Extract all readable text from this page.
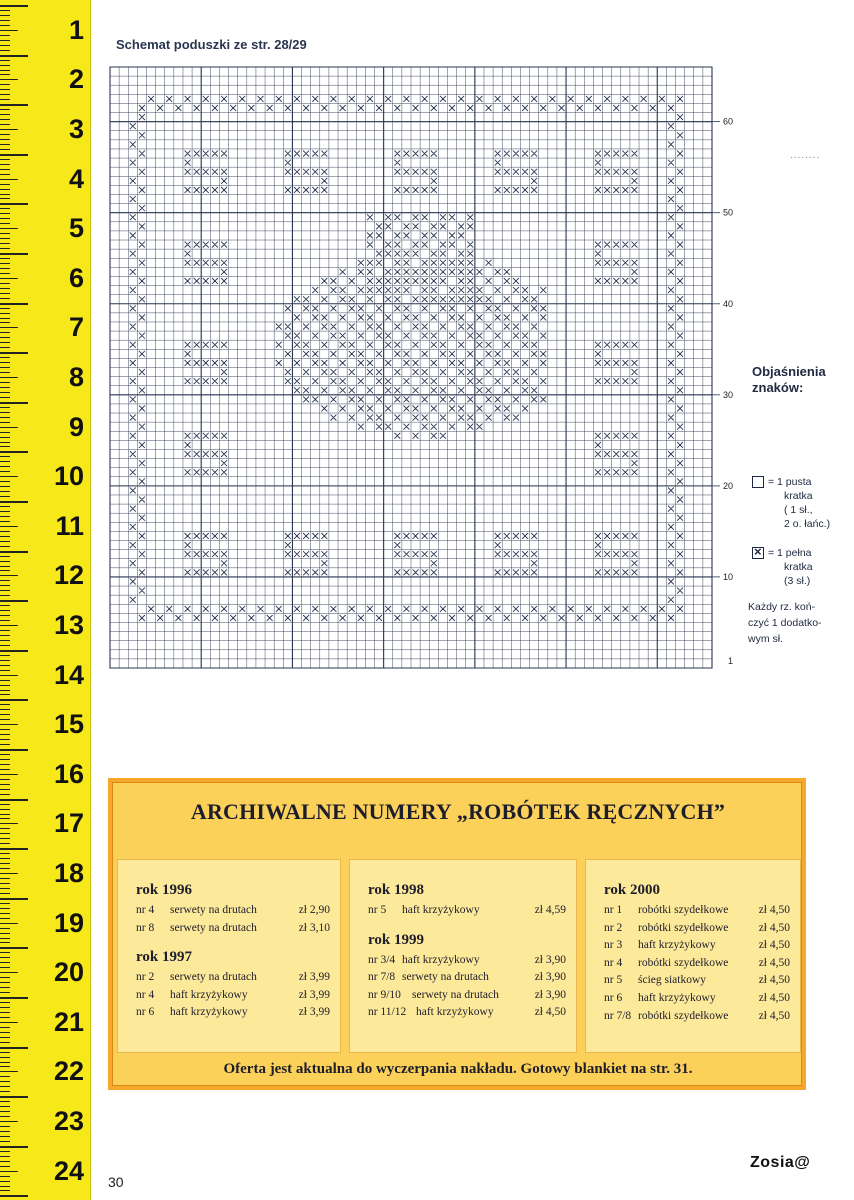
1
2
3
4
5
6
7
8
9
10
11
12
13
14
15
16
17
18
19
20
21
22
23
24
Schemat poduszki ze str. 28/29
60
50
40
30
20
10
1
........
Objaśnienia znaków:
= 1 pusta
kratka
( 1 sł.,
2 o. łańc.)
×
= 1 pełna
kratka
(3 sł.)
Każdy rz. koń-
czyć 1 dodatko-
wym sł.
ARCHIWALNE NUMERY „ROBÓTEK RĘCZNYCH”
rok 1996
nr 4	serwety na drutach	zł 2,90
nr 8	serwety na drutach	zł 3,10
rok 1997
nr 2	serwety na drutach	zł 3,99
nr 4	haft krzyżykowy	zł 3,99
nr 6	haft krzyżykowy	zł 3,99
rok 1998
nr 5	haft krzyżykowy	zł 4,59
rok 1999
nr 3/4 haft krzyżykowy	zł 3,90
nr 7/8 serwety na drutach	zł 3,90
nr 9/10 serwety na drutach	zł 3,90
nr 11/12 haft krzyżykowy	zł 4,50
rok 2000
nr 1	robótki szydełkowe	zł 4,50
nr 2	robótki szydełkowe	zł 4,50
nr 3	haft krzyżykowy	zł 4,50
nr 4	robótki szydełkowe	zł 4,50
nr 5	ścieg siatkowy	zł 4,50
nr 6	haft krzyżykowy	zł 4,50
nr 7/8 robótki szydełkowe	zł 4,50
Oferta jest aktualna do wyczerpania nakładu. Gotowy blankiet na str. 31.
30
Zosia@
